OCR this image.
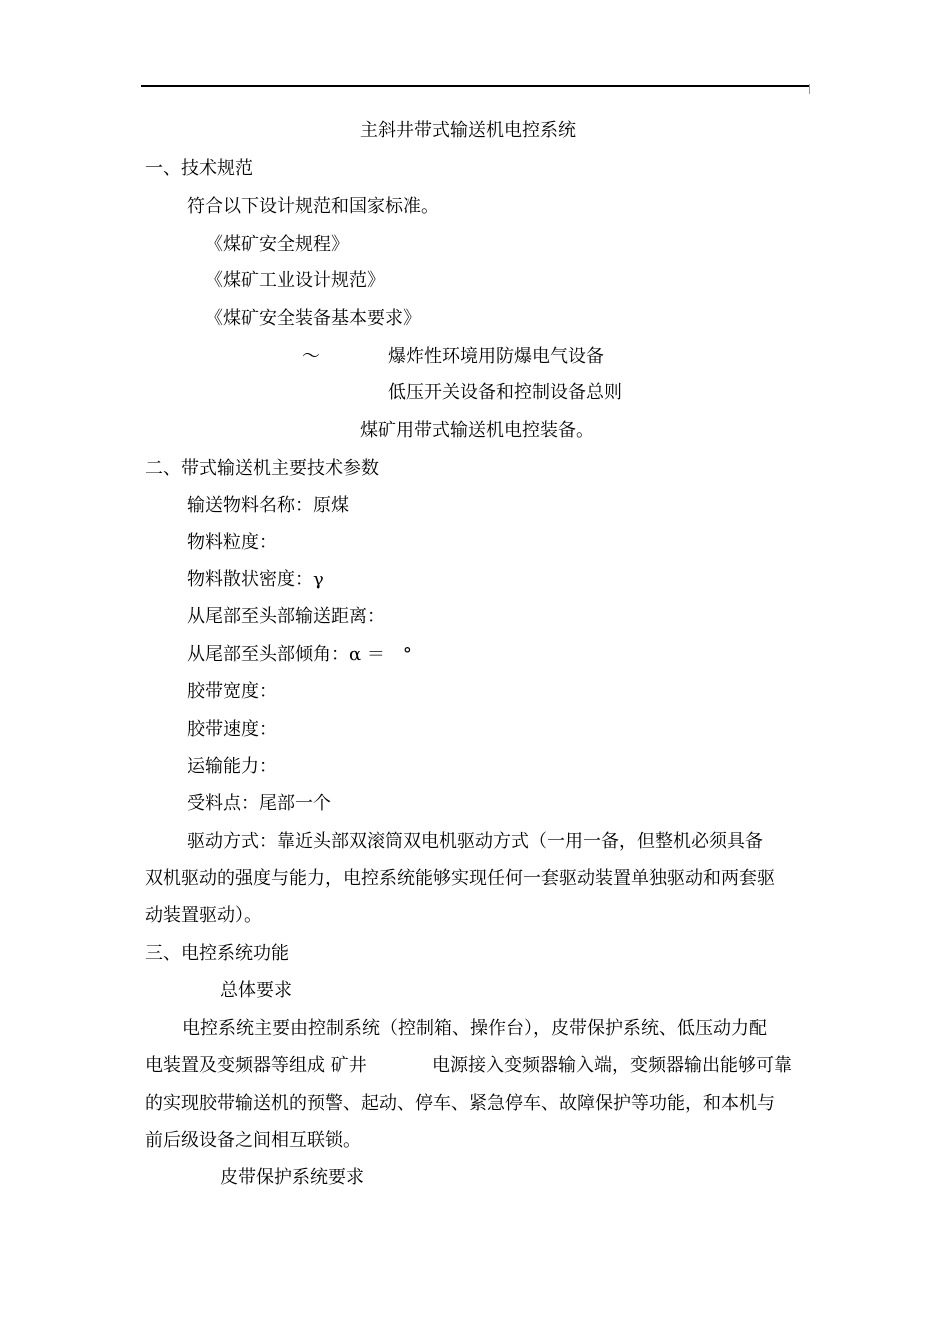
主斜井带式输送机电控系统
一、技术规范
符合以下设计规范和国家标准。
《煤矿安全规程》
《煤矿工业设计规范》
《煤矿安全装备基本要求》
～	爆炸性环境用防爆电气设备
低压开关设备和控制设备总则
煤矿用带式输送机电控装备。
二、带式输送机主要技术参数
输送物料名称：原煤
物料粒度：
物料散状密度：γ
从尾部至头部输送距离：
从尾部至头部倾角：α ＝　°
胶带宽度：
胶带速度：
运输能力：
受料点：尾部一个
驱动方式：靠近头部双滚筒双电机驱动方式（一用一备，但整机必须具备
双机驱动的强度与能力，电控系统能够实现任何一套驱动装置单独驱动和两套驱
动装置驱动）。
三、电控系统功能
总体要求
电控系统主要由控制系统（控制箱、操作台），皮带保护系统、低压动力配
电装置及变频器等组成 矿井	电源接入变频器输入端，变频器输出能够可靠
的实现胶带输送机的预警、起动、停车、紧急停车、故障保护等功能，和本机与
前后级设备之间相互联锁。
皮带保护系统要求
